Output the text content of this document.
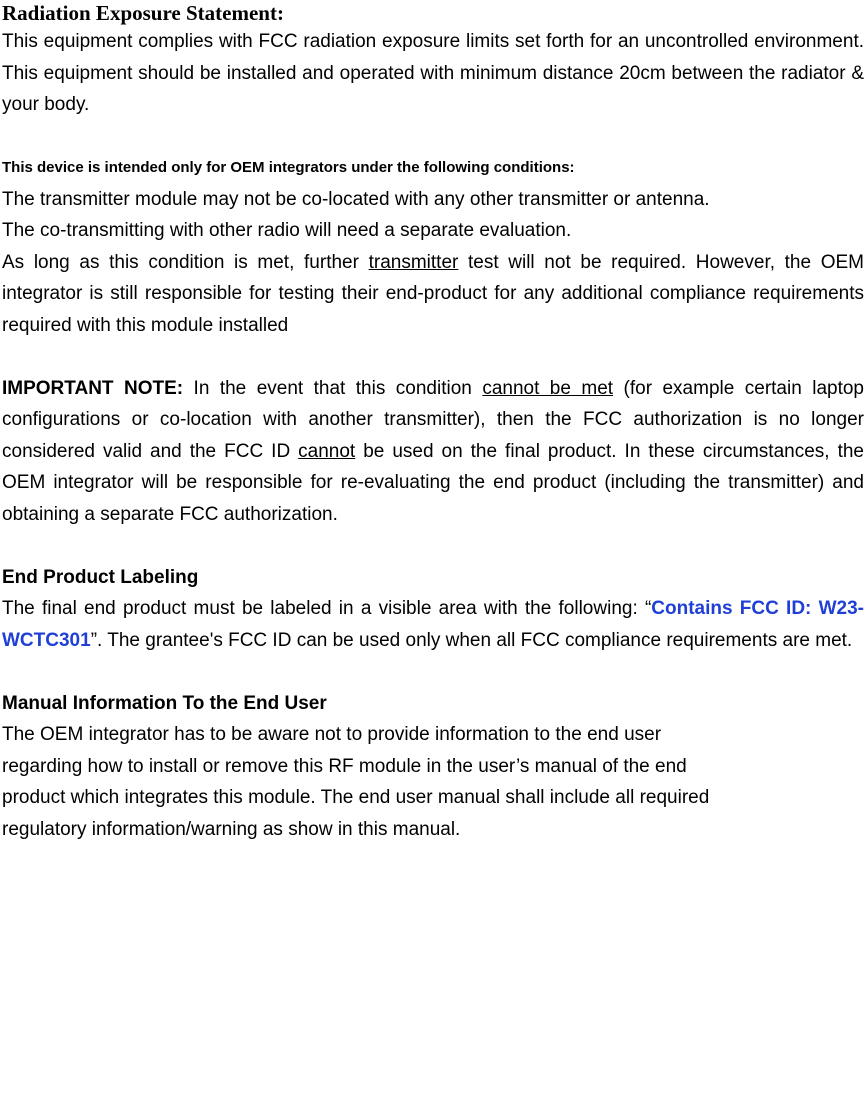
Radiation Exposure Statement:

This equipment complies with FCC radiation exposure limits set forth for an uncontrolled environment. This equipment should be installed and operated with minimum distance 20cm between the radiator & your body.

This device is intended only for OEM integrators under the following conditions:

The transmitter module may not be co-located with any other transmitter or antenna.

The co-transmitting with other radio will need a separate evaluation.

As long as this condition is met, further transmitter test will not be required. However, the OEM integrator is still responsible for testing their end-product for any additional compliance requirements required with this module installed

IMPORTANT NOTE: In the event that this condition cannot be met (for example certain laptop configurations or co-location with another transmitter), then the FCC authorization is no longer considered valid and the FCC ID cannot be used on the final product. In these circumstances, the OEM integrator will be responsible for re-evaluating the end product (including the transmitter) and obtaining a separate FCC authorization.

End Product Labeling

The final end product must be labeled in a visible area with the following: “Contains FCC ID: W23-WCTC301”. The grantee's FCC ID can be used only when all FCC compliance requirements are met.

Manual Information To the End User

The OEM integrator has to be aware not to provide information to the end user

regarding how to install or remove this RF module in the user’s manual of the end

product which integrates this module. The end user manual shall include all required

regulatory information/warning as show in this manual.
